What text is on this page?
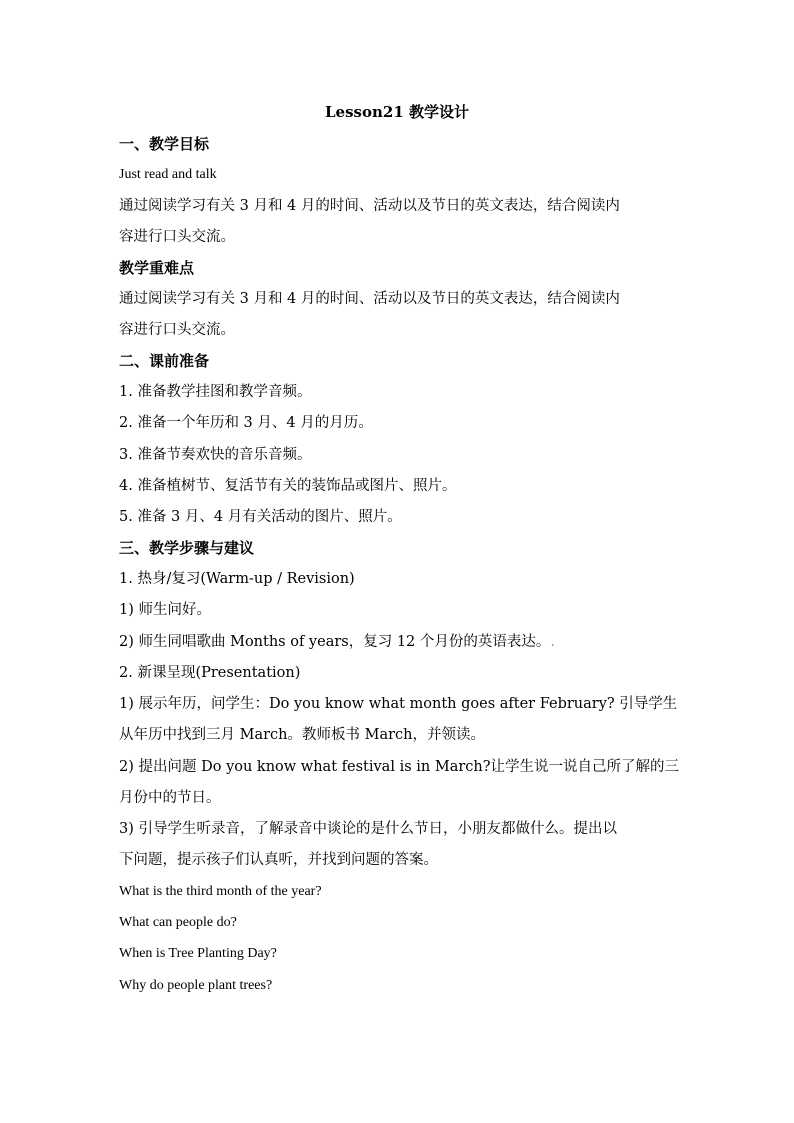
Lesson21 教学设计
一、教学目标
Just read and talk
通过阅读学习有关 3 月和 4 月的时间、活动以及节日的英文表达，结合阅读内
容进行口头交流。
教学重难点
通过阅读学习有关 3 月和 4 月的时间、活动以及节日的英文表达，结合阅读内
容进行口头交流。
二、课前准备
1. 准备教学挂图和教学音频。
2. 准备一个年历和 3 月、4 月的月历。
3. 准备节奏欢快的音乐音频。
4. 准备植树节、复活节有关的装饰品或图片、照片。
5. 准备 3 月、4 月有关活动的图片、照片。
三、教学步骤与建议
1. 热身/复习(Warm-up / Revision)
1) 师生问好。
2) 师生同唱歌曲 Months of years，复习 12 个月份的英语表达。.
2. 新课呈现(Presentation)
1) 展示年历，问学生：Do you know what month goes after February? 引导学生
从年历中找到三月 March。教师板书 March，并领读。
2) 提出问题 Do you know what festival is in March?让学生说一说自己所了解的三
月份中的节日。
3) 引导学生听录音，了解录音中谈论的是什么节日，小朋友都做什么。提出以
下问题，提示孩子们认真听，并找到问题的答案。
What is the third month of the year?
What can people do?
When is Tree Planting Day?
Why do people plant trees?
